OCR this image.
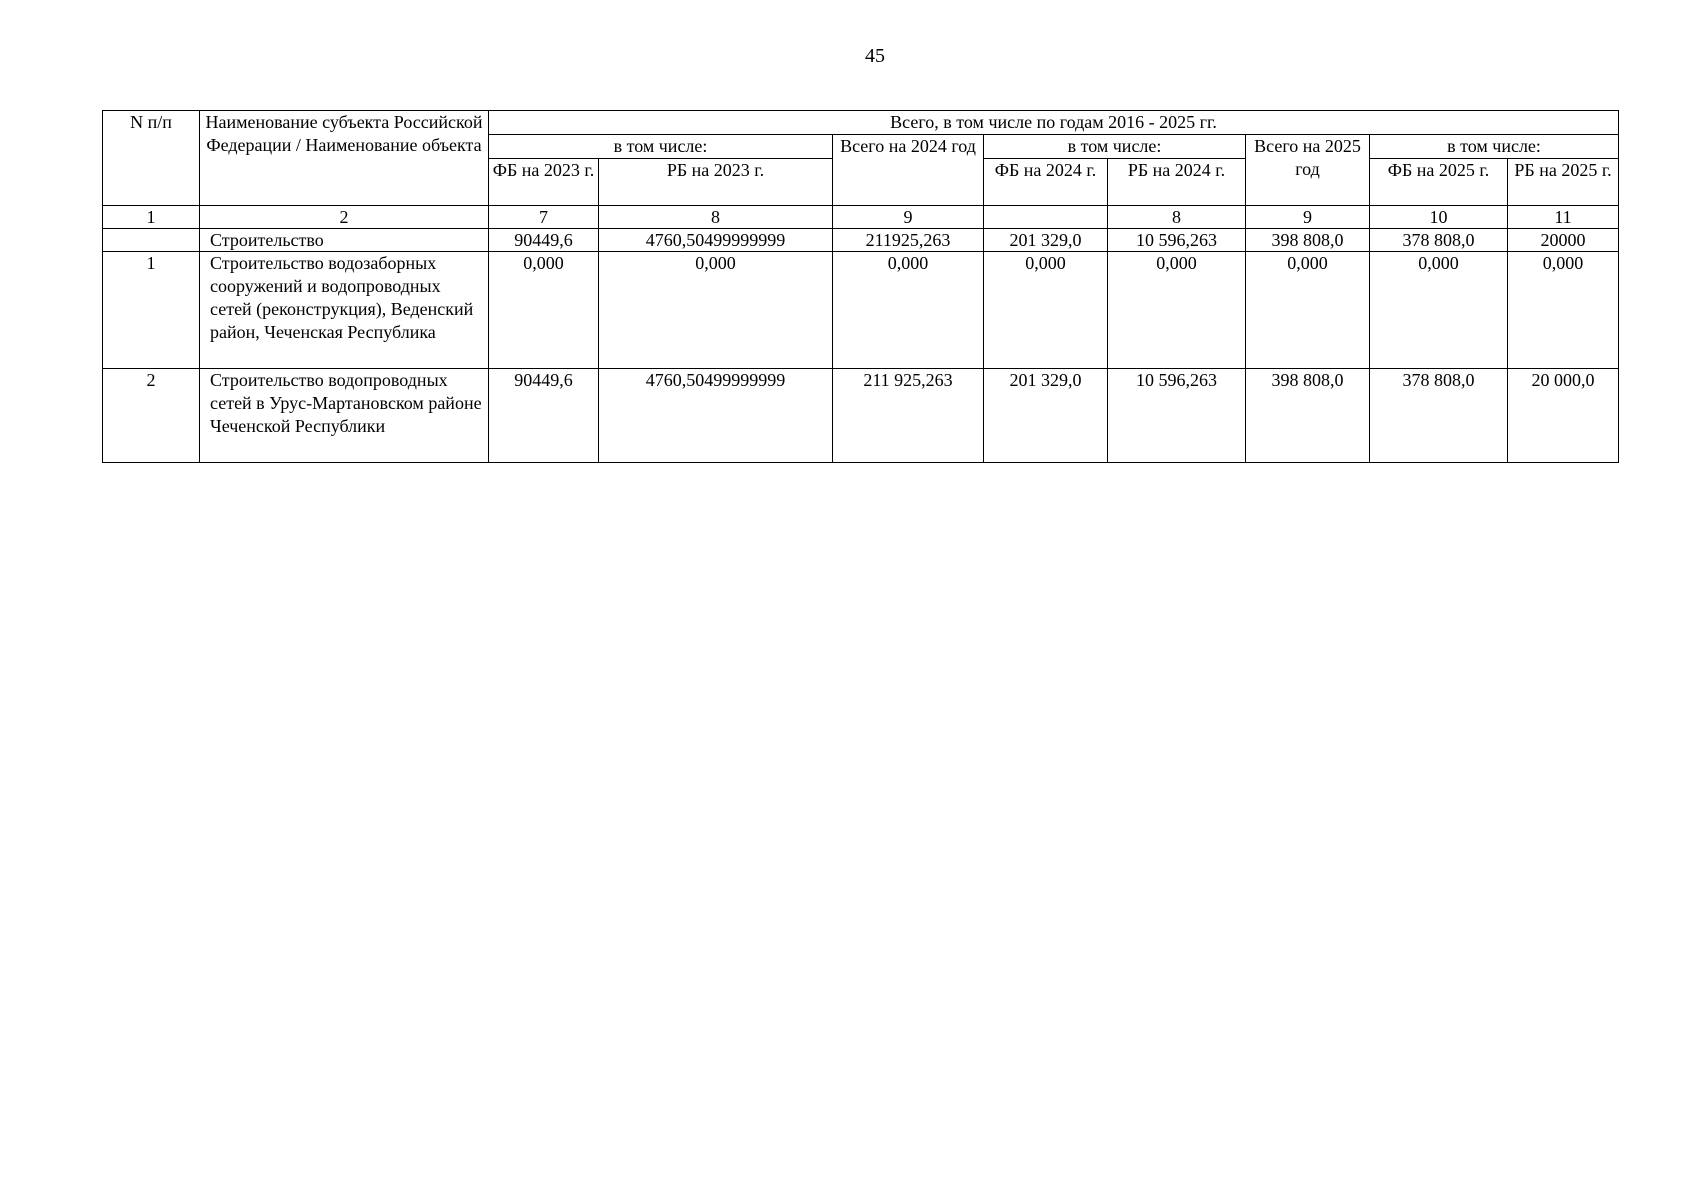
45
N п/п	Наименование субъекта Российской Федерации / Наименование объекта	Всего, в том числе по годам 2016 - 2025 гг.							
		в том числе:		Всего на 2024 год	в том числе:		Всего на 2025 год	в том числе:	
		ФБ на 2023 г.	РБ на 2023 г.		ФБ на 2024 г.	РБ на 2024 г.		ФБ на 2025 г.	РБ на 2025 г.
1	2	7	8	9		8	9	10	11
	Строительство	90449,6	4760,50499999999	211925,263	201 329,0	10 596,263	398 808,0	378 808,0	20000
1	Строительство водозаборных сооружений и водопроводных сетей (реконструкция), Веденский район, Чеченская Республика	0,000	0,000	0,000	0,000	0,000	0,000	0,000	0,000
2	Строительство водопроводных сетей в Урус-Мартановском районе Чеченской Республики	90449,6	4760,50499999999	211 925,263	201 329,0	10 596,263	398 808,0	378 808,0	20 000,0
